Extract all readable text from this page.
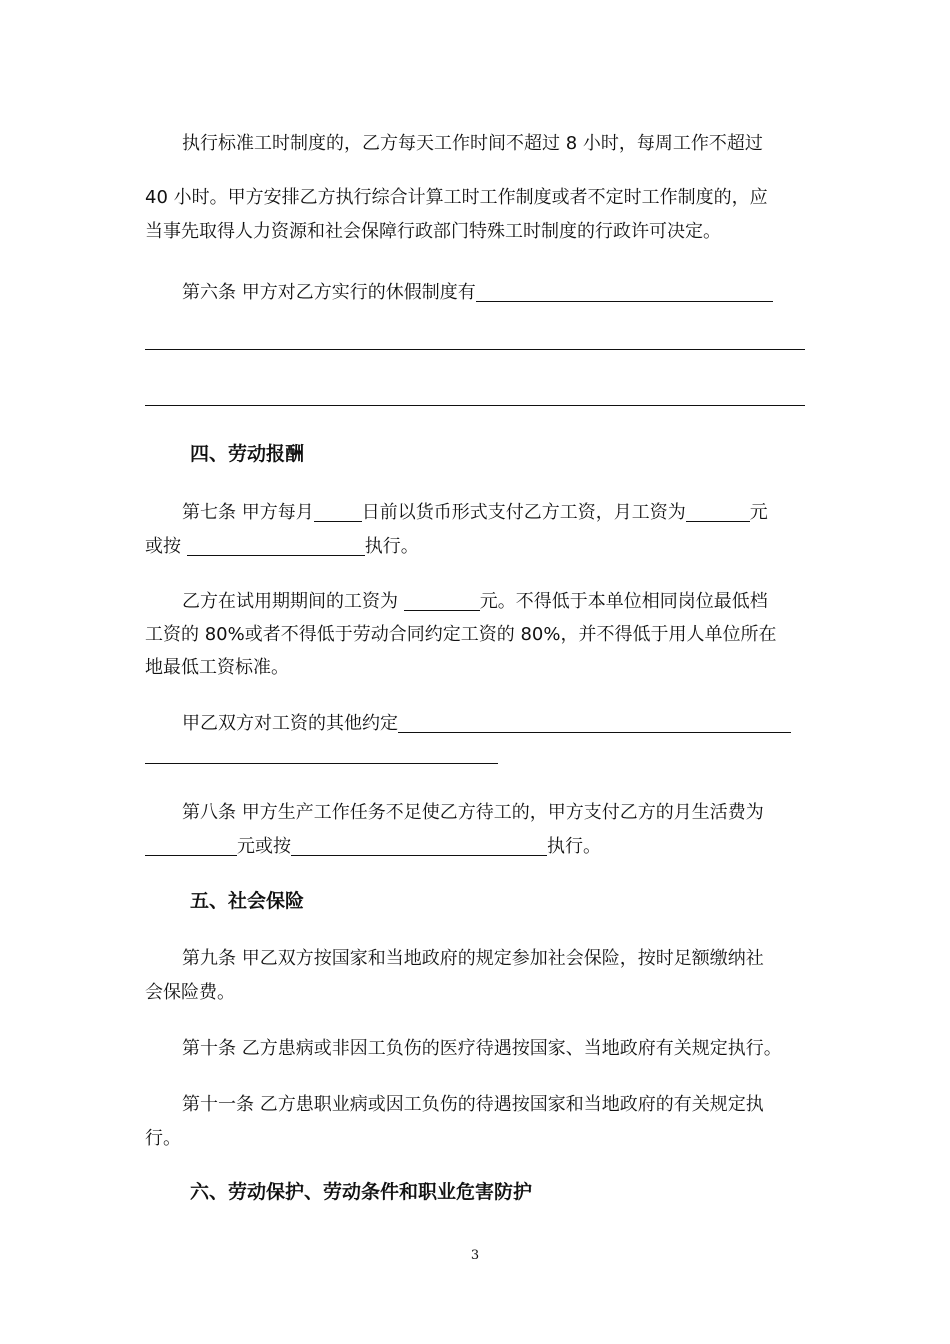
执行标准工时制度的，乙方每天工作时间不超过 8 小时，每周工作不超过
40 小时。甲方安排乙方执行综合计算工时工作制度或者不定时工作制度的，应
当事先取得人力资源和社会保障行政部门特殊工时制度的行政许可决定。
第六条 甲方对乙方实行的休假制度有
四、劳动报酬
第七条 甲方每月	日前以货币形式支付乙方工资，月工资为	元
或按	执行。
乙方在试用期期间的工资为	元。不得低于本单位相同岗位最低档
工资的 80%或者不得低于劳动合同约定工资的 80%，并不得低于用人单位所在
地最低工资标准。
甲乙双方对工资的其他约定
第八条 甲方生产工作任务不足使乙方待工的，甲方支付乙方的月生活费为
元或按	执行。
五、社会保险
第九条 甲乙双方按国家和当地政府的规定参加社会保险，按时足额缴纳社
会保险费。
第十条 乙方患病或非因工负伤的医疗待遇按国家、当地政府有关规定执行。
第十一条 乙方患职业病或因工负伤的待遇按国家和当地政府的有关规定执
行。
六、劳动保护、劳动条件和职业危害防护
3
